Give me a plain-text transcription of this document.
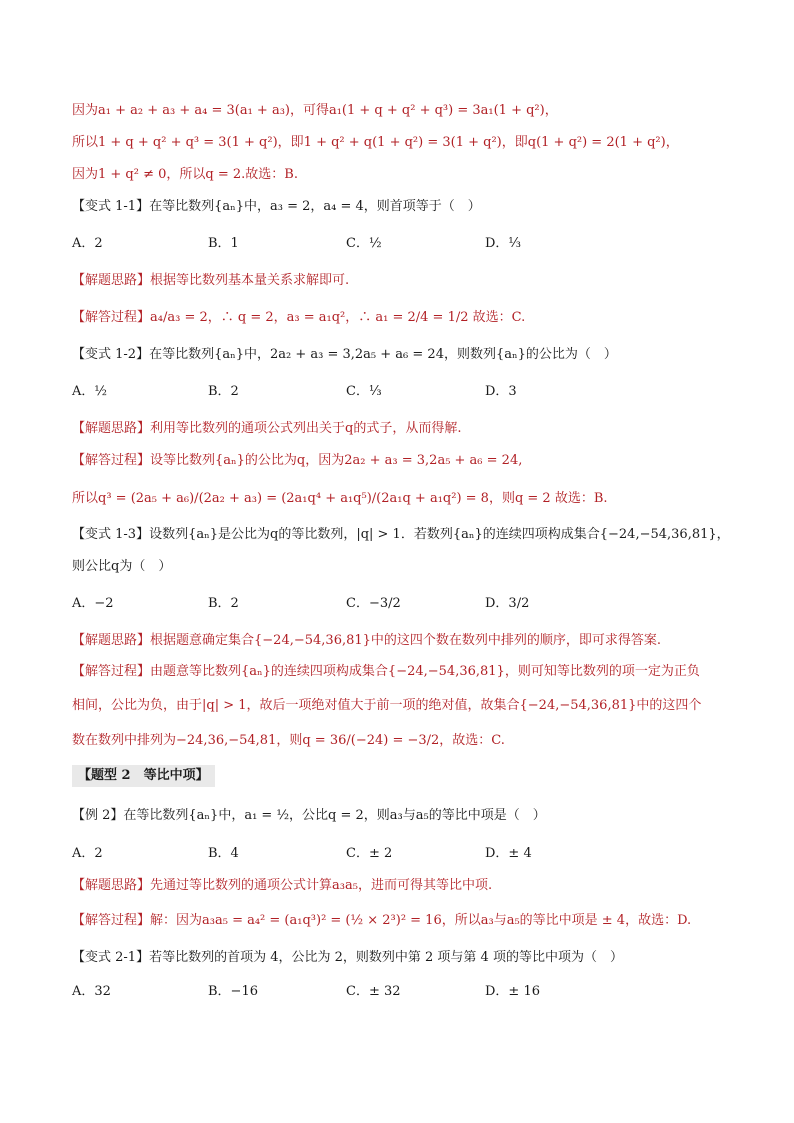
因为a₁ + a₂ + a₃ + a₄ = 3(a₁ + a₃)，可得a₁(1 + q + q² + q³) = 3a₁(1 + q²)，
所以1 + q + q² + q³ = 3(1 + q²)，即1 + q² + q(1 + q²) = 3(1 + q²)，即q(1 + q²) = 2(1 + q²)，
因为1 + q² ≠ 0，所以q = 2.故选：B.
【变式 1-1】在等比数列{aₙ}中，a₃ = 2，a₄ = 4，则首项等于（　）
A．2	B．1	C．½	D．⅓
【解题思路】根据等比数列基本量关系求解即可.
【解答过程】a₄/a₃ = 2，∴ q = 2，a₃ = a₁q²，∴ a₁ = 2/4 = 1/2 故选：C.
【变式 1-2】在等比数列{aₙ}中，2a₂ + a₃ = 3,2a₅ + a₆ = 24，则数列{aₙ}的公比为（　）
A．½	B．2	C．⅓	D．3
【解题思路】利用等比数列的通项公式列出关于q的式子，从而得解.
【解答过程】设等比数列{aₙ}的公比为q，因为2a₂ + a₃ = 3,2a₅ + a₆ = 24,
所以q³ = (2a₅ + a₆)/(2a₂ + a₃) = (2a₁q⁴ + a₁q⁵)/(2a₁q + a₁q²) = 8，则q = 2 故选：B.
【变式 1-3】设数列{aₙ}是公比为q的等比数列，|q| > 1．若数列{aₙ}的连续四项构成集合{−24,−54,36,81}，
则公比q为（　）
A．−2	B．2	C．−3/2	D．3/2
【解题思路】根据题意确定集合{−24,−54,36,81}中的这四个数在数列中排列的顺序，即可求得答案.
【解答过程】由题意等比数列{aₙ}的连续四项构成集合{−24,−54,36,81}，则可知等比数列的项一定为正负
相间，公比为负，由于|q| > 1，故后一项绝对值大于前一项的绝对值，故集合{−24,−54,36,81}中的这四个
数在数列中排列为−24,36,−54,81，则q = 36/(−24) = −3/2，故选：C.
【题型 2　等比中项】
【例 2】在等比数列{aₙ}中，a₁ = ½，公比q = 2，则a₃与a₅的等比中项是（　）
A．2	B．4	C．± 2	D．± 4
【解题思路】先通过等比数列的通项公式计算a₃a₅，进而可得其等比中项.
【解答过程】解：因为a₃a₅ = a₄² = (a₁q³)² = (½ × 2³)² = 16，所以a₃与a₅的等比中项是 ± 4，故选：D.
【变式 2-1】若等比数列的首项为 4，公比为 2，则数列中第 2 项与第 4 项的等比中项为（　）
A．32	B．−16	C．± 32	D．± 16
